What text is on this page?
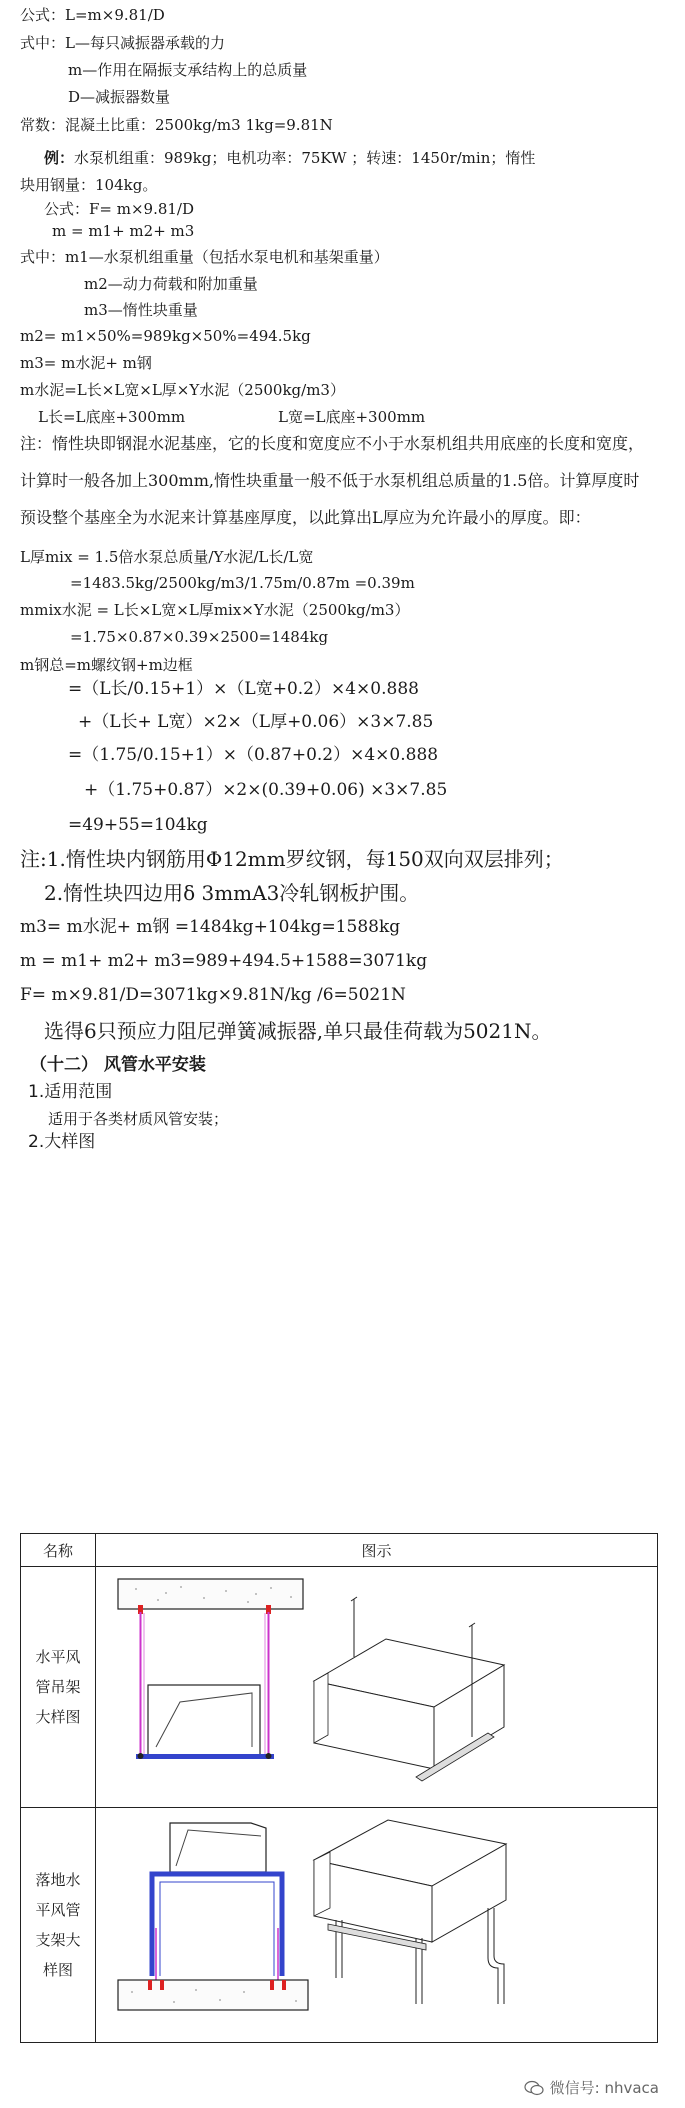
公式：L=m×9.81/D
式中：L—每只减振器承载的力
m—作用在隔振支承结构上的总质量
D—减振器数量
常数：混凝土比重：2500kg/m3 1kg=9.81N
例：水泵机组重：989kg；电机功率：75KW ；转速：1450r/min；惰性
块用钢量：104kg。
公式：F= m×9.81/D
m = m1+ m2+ m3
式中：m1—水泵机组重量（包括水泵电机和基架重量）
m2—动力荷载和附加重量
m3—惰性块重量
m2= m1×50%=989kg×50%=494.5kg
m3= m水泥+ m钢
m水泥=L长×L宽×L厚×Y水泥（2500kg/m3）
L长=L底座+300mm	L宽=L底座+300mm
注：惰性块即钢混水泥基座，它的长度和宽度应不小于水泵机组共用底座的长度和宽度，计算时一般各加上300mm,惰性块重量一般不低于水泵机组总质量的1.5倍。计算厚度时预设整个基座全为水泥来计算基座厚度，以此算出L厚应为允许最小的厚度。即：
L厚mix = 1.5倍水泵总质量/Y水泥/L长/L宽
=1483.5kg/2500kg/m3/1.75m/0.87m =0.39m
mmix水泥 = L长×L宽×L厚mix×Y水泥（2500kg/m3）
=1.75×0.87×0.39×2500=1484kg
m钢总=m螺纹钢+m边框
=（L长/0.15+1）×（L宽+0.2）×4×0.888
+（L长+ L宽）×2×（L厚+0.06）×3×7.85
=（1.75/0.15+1）×（0.87+0.2）×4×0.888
+（1.75+0.87）×2×(0.39+0.06) ×3×7.85
=49+55=104kg
注:1.惰性块内钢筋用Φ12mm罗纹钢，每150双向双层排列；
2.惰性块四边用δ 3mmA3冷轧钢板护围。
m3= m水泥+ m钢 =1484kg+104kg=1588kg
m = m1+ m2+ m3=989+494.5+1588=3071kg
F= m×9.81/D=3071kg×9.81N/kg /6=5021N
选得6只预应力阻尼弹簧减振器,单只最佳荷载为5021N。
（十二） 风管水平安装
1.适用范围
适用于各类材质风管安装；
2.大样图
名称	图示

水平风管吊架大样图

落地水平风管支架大样图

微信号: nhvaca
